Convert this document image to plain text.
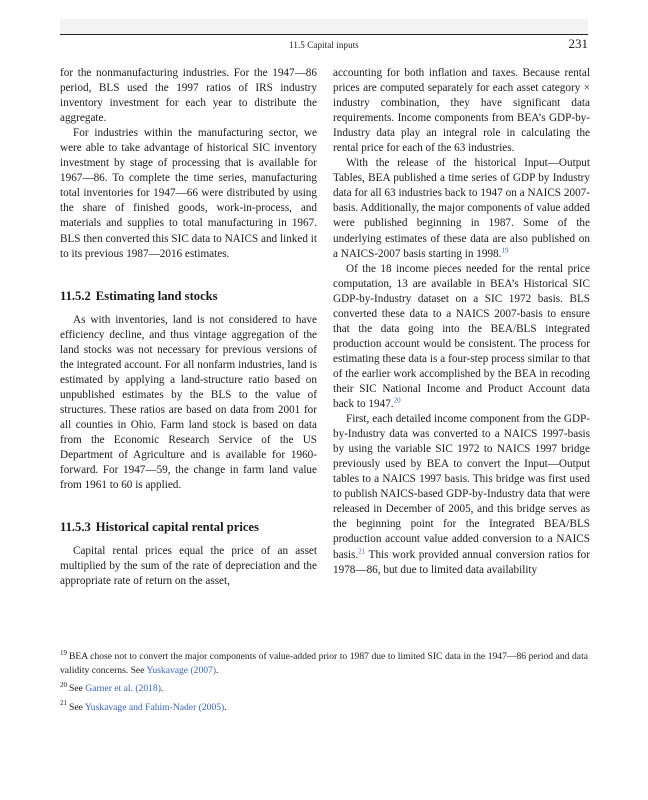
11.5 Capital inputs	231

for the nonmanufacturing industries. For the 1947—86 period, BLS used the 1997 ratios of IRS industry inventory investment for each year to distribute the aggregate.

For industries within the manufacturing sector, we were able to take advantage of historical SIC inventory investment by stage of processing that is available for 1967—86. To complete the time series, manufacturing total inventories for 1947—66 were distributed by using the share of finished goods, work-in-process, and materials and supplies to total manufacturing in 1967. BLS then converted this SIC data to NAICS and linked it to its previous 1987—2016 estimates.

11.5.2 Estimating land stocks

As with inventories, land is not considered to have efficiency decline, and thus vintage aggregation of the land stocks was not necessary for previous versions of the integrated account. For all nonfarm industries, land is estimated by applying a land-structure ratio based on unpublished estimates by the BLS to the value of structures. These ratios are based on data from 2001 for all counties in Ohio. Farm land stock is based on data from the Economic Research Service of the US Department of Agriculture and is available for 1960-forward. For 1947—59, the change in farm land value from 1961 to 60 is applied.

11.5.3 Historical capital rental prices

Capital rental prices equal the price of an asset multiplied by the sum of the rate of depreciation and the appropriate rate of return on the asset,

accounting for both inflation and taxes. Because rental prices are computed separately for each asset category × industry combination, they have significant data requirements. Income components from BEA’s GDP-by-Industry data play an integral role in calculating the rental price for each of the 63 industries.

With the release of the historical Input—Output Tables, BEA published a time series of GDP by Industry data for all 63 industries back to 1947 on a NAICS 2007-basis. Additionally, the major components of value added were published beginning in 1987. Some of the underlying estimates of these data are also published on a NAICS-2007 basis starting in 1998.19

Of the 18 income pieces needed for the rental price computation, 13 are available in BEA’s Historical SIC GDP-by-Industry dataset on a SIC 1972 basis. BLS converted these data to a NAICS 2007-basis to ensure that the data going into the BEA/BLS integrated production account would be consistent. The process for estimating these data is a four-step process similar to that of the earlier work accomplished by the BEA in recoding their SIC National Income and Product Account data back to 1947.20

First, each detailed income component from the GDP-by-Industry data was converted to a NAICS 1997-basis by using the variable SIC 1972 to NAICS 1997 bridge previously used by BEA to convert the Input—Output tables to a NAICS 1997 basis. This bridge was first used to publish NAICS-based GDP-by-Industry data that were released in December of 2005, and this bridge serves as the beginning point for the Integrated BEA/BLS production account value added conversion to a NAICS basis.$^{21}$ This work provided annual conversion ratios for 1978—86, but due to limited data availability

$^{19}$ BEA chose not to convert the major components of value-added prior to 1987 due to limited SIC data in the 1947—86 period and data validity concerns. See Yuskavage (2007).

$^{20}$ See Garner et al. (2018).

$^{21}$ See Yuskavage and Fahim-Nader (2005).
